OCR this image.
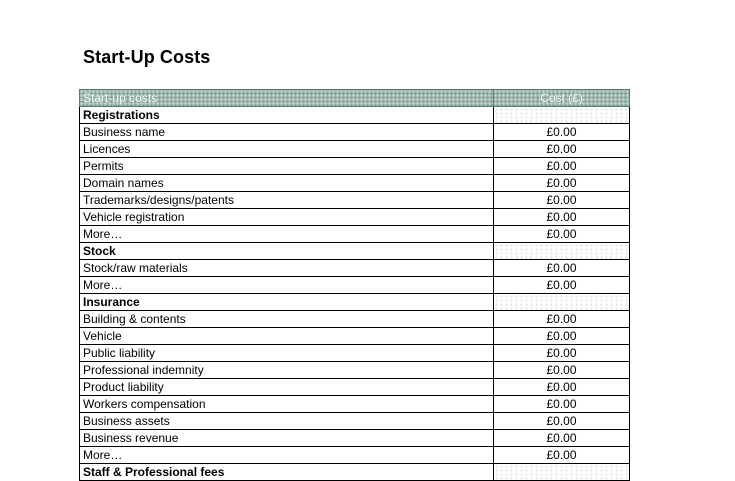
Start-Up Costs
Start-up costs	Cost (£)
Registrations	
Business name	£0.00
Licences	£0.00
Permits	£0.00
Domain names	£0.00
Trademarks/designs/patents	£0.00
Vehicle registration	£0.00
More…	£0.00
Stock	
Stock/raw materials	£0.00
More…	£0.00
Insurance	
Building & contents	£0.00
Vehicle	£0.00
Public liability	£0.00
Professional indemnity	£0.00
Product liability	£0.00
Workers compensation	£0.00
Business assets	£0.00
Business revenue	£0.00
More…	£0.00
Staff & Professional fees	
